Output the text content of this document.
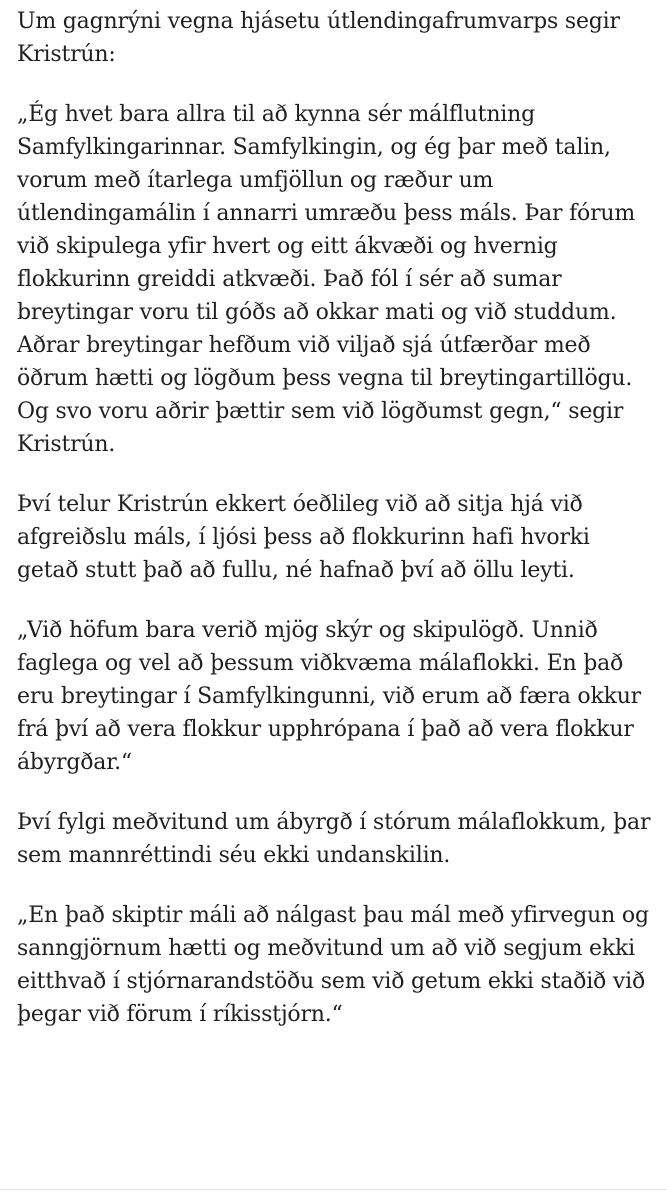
Um gagnrýni vegna hjásetu útlendingafrumvarps segir Kristrún:

„Ég hvet bara allra til að kynna sér málflutning Samfylkingarinnar. Samfylkingin, og ég þar með talin, vorum með ítarlega umfjöllun og ræður um útlendingamálin í annarri umræðu þess máls. Þar fórum við skipulega yfir hvert og eitt ákvæði og hvernig flokkurinn greiddi atkvæði. Það fól í sér að sumar breytingar voru til góðs að okkar mati og við studdum. Aðrar breytingar hefðum við viljað sjá útfærðar með öðrum hætti og lögðum þess vegna til breytingartillögu. Og svo voru aðrir þættir sem við lögðumst gegn,“ segir Kristrún.

Því telur Kristrún ekkert óeðlileg við að sitja hjá við afgreiðslu máls, í ljósi þess að flokkurinn hafi hvorki getað stutt það að fullu, né hafnað því að öllu leyti.

„Við höfum bara verið mjög skýr og skipulögð. Unnið faglega og vel að þessum viðkvæma málaflokki. En það eru breytingar í Samfylkingunni, við erum að færa okkur frá því að vera flokkur upphrópana í það að vera flokkur ábyrgðar.“

Því fylgi meðvitund um ábyrgð í stórum málaflokkum, þar sem mannréttindi séu ekki undanskilin.

„En það skiptir máli að nálgast þau mál með yfirvegun og sanngjörnum hætti og meðvitund um að við segjum ekki eitthvað í stjórnarandstöðu sem við getum ekki staðið við þegar við förum í ríkisstjórn.“
